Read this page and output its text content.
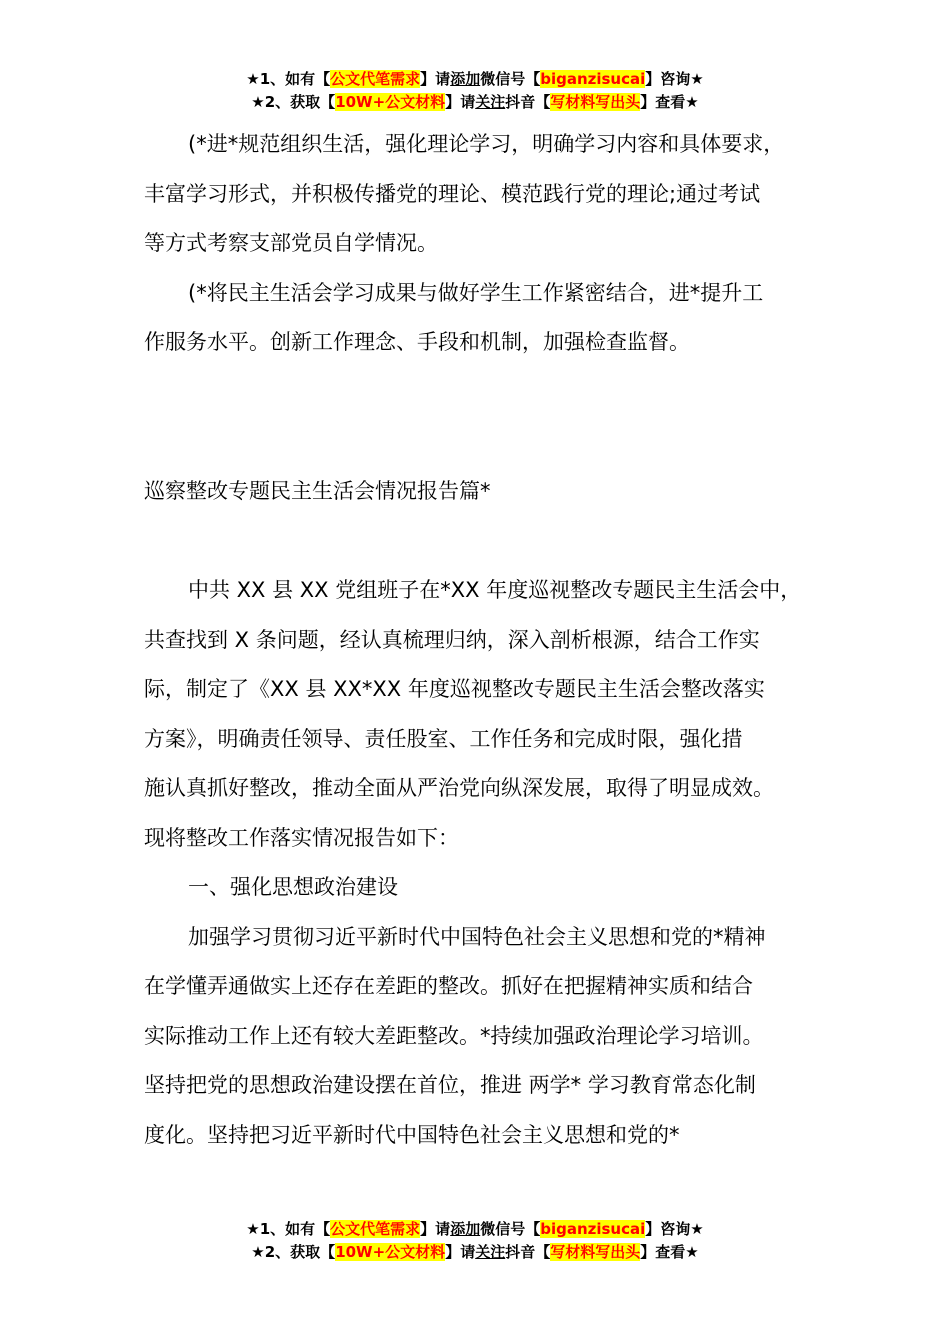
★1、如有【公文代笔需求】请添加微信号【biganzisucai】咨询★
★2、获取【10W+公文材料】请关注抖音【写材料写出头】查看★

(*进*规范组织生活，强化理论学习，明确学习内容和具体要求，

丰富学习形式，并积极传播党的理论、模范践行党的理论;通过考试

等方式考察支部党员自学情况。

(*将民主生活会学习成果与做好学生工作紧密结合，进*提升工

作服务水平。创新工作理念、手段和机制，加强检查监督。

巡察整改专题民主生活会情况报告篇*

中共 XX 县 XX 党组班子在*XX 年度巡视整改专题民主生活会中，

共查找到 X 条问题，经认真梳理归纳，深入剖析根源，结合工作实

际，制定了《XX 县 XX*XX 年度巡视整改专题民主生活会整改落实

方案》，明确责任领导、责任股室、工作任务和完成时限，强化措

施认真抓好整改，推动全面从严治党向纵深发展，取得了明显成效。

现将整改工作落实情况报告如下：

一、强化思想政治建设

加强学习贯彻习近平新时代中国特色社会主义思想和党的*精神

在学懂弄通做实上还存在差距的整改。抓好在把握精神实质和结合

实际推动工作上还有较大差距整改。*持续加强政治理论学习培训。

坚持把党的思想政治建设摆在首位，推进 两学* 学习教育常态化制

度化。坚持把习近平新时代中国特色社会主义思想和党的*

★1、如有【公文代笔需求】请添加微信号【biganzisucai】咨询★
★2、获取【10W+公文材料】请关注抖音【写材料写出头】查看★
